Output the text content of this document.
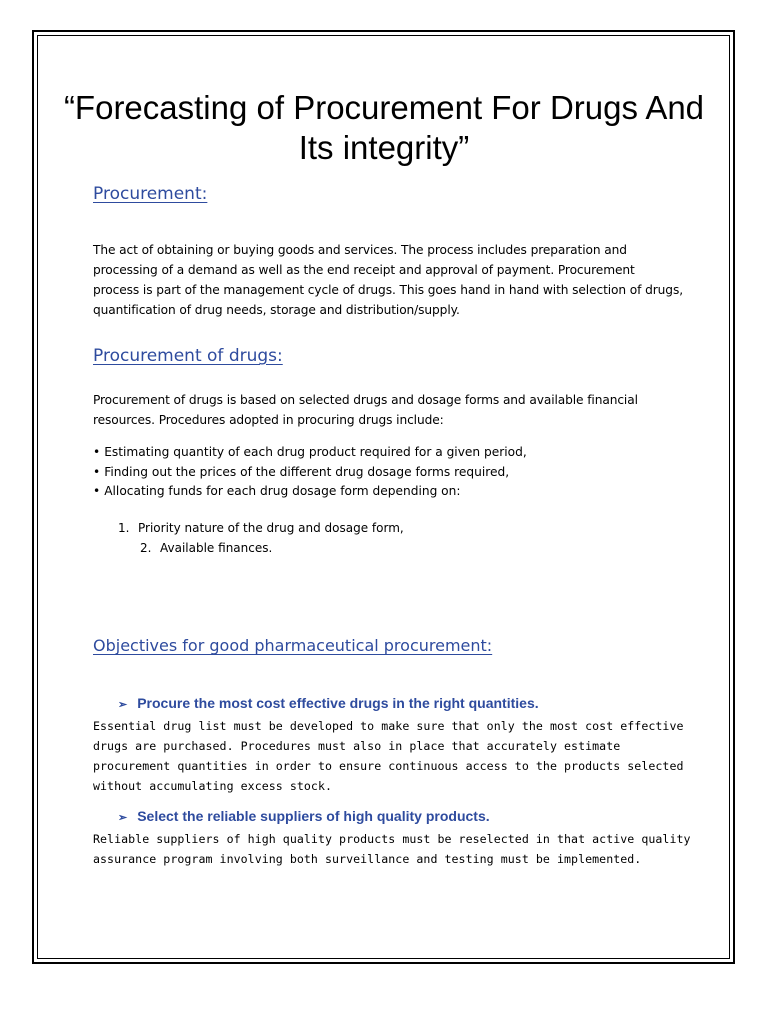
“Forecasting of Procurement For Drugs And Its integrity”
Procurement:

The act of obtaining or buying goods and services. The process includes preparation and processing of a demand as well as the end receipt and approval of payment. Procurement process is part of the management cycle of drugs. This goes hand in hand with selection of drugs, quantification of drug needs, storage and distribution/supply.

Procurement of drugs:

Procurement of drugs is based on selected drugs and dosage forms and available financial resources. Procedures adopted in procuring drugs include:

• Estimating quantity of each drug product required for a given period,
• Finding out the prices of the different drug dosage forms required,
• Allocating funds for each drug dosage form depending on:

1. Priority nature of the drug and dosage form,

2. Available finances.

Objectives for good pharmaceutical procurement:

➢ Procure the most cost effective drugs in the right quantities.

Essential drug list must be developed to make sure that only the most cost effective drugs are purchased. Procedures must also in place that accurately estimate procurement quantities in order to ensure continuous access to the products selected without accumulating excess stock.

➢ Select the reliable suppliers of high quality products.

Reliable suppliers of high quality products must be reselected in that active quality assurance program involving both surveillance and testing must be implemented.
